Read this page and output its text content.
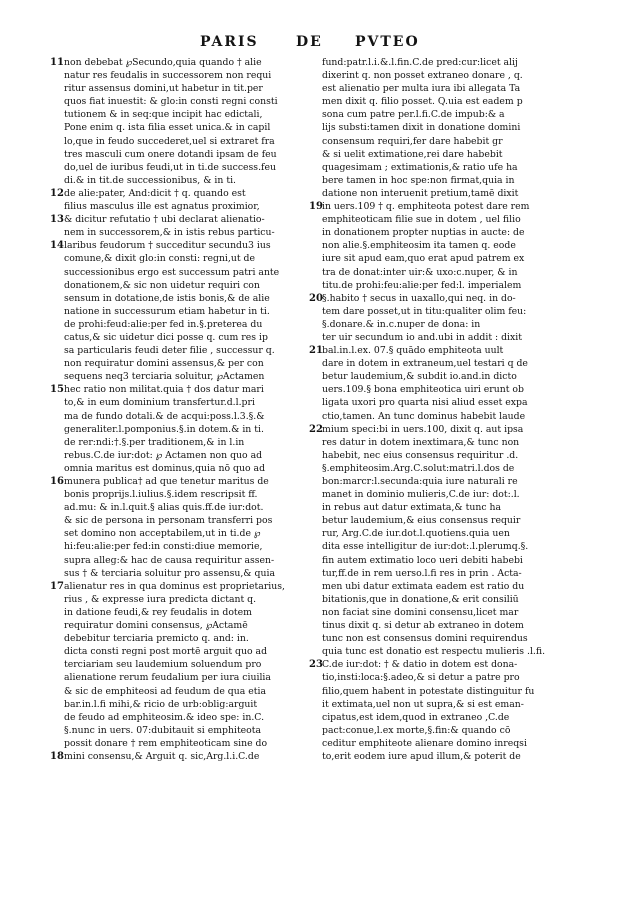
PARIS	DE PVTEO
11 non debebat ℘Secundo,quia quando † alie
natur res feudalis in successorem non requi
ritur assensus domini,ut habetur in tit.per
quos fiat inuestit: & glo:in consti regni consti
tutionem & in seq:que incipit hac edictali,
Pone enim q. ista filia esset unica.& in capil
lo,que in feudo succederet,uel si extraret fra
tres masculi cum onere dotandi ipsam de feu
do,uel de iuribus feudi,ut in ti.de success.feu
di.& in tit.de successionibus, & in ti.
12 de alie:pater, And:dicit † q. quando est
filius masculus ille est agnatus proximior,
13 & dicitur refutatio † ubi declarat alienatio-
nem in successorem,& in istis rebus particu-
14 laribus feudorum † succeditur secundu3 ius
comune,& dixit glo:in consti: regni,ut de
successionibus ergo est successum patri ante
donationem,& sic non uidetur requiri con
sensum in dotatione,de istis bonis,& de alie
natione in successurum etiam habetur in ti.
de prohi:feud:alie:per fed in.§.preterea du
catus,& sic uidetur dici posse q. cum res ip
sa particularis feudi deter filie , successur q.
non requiratur domini assensus,& per con
sequens neq3 terciaria soluitur, ℘Actamen
15 hec ratio non militat.quia † dos datur mari
to,& in eum dominium transfertur.d.l.pri
ma de fundo dotali.& de acqui:poss.l.3.§.&
generaliter.l.pomponius.§.in dotem.& in ti.
de rer:ndi:†.§.per traditionem,& in l.in
rebus.C.de iur:dot: ℘ Actamen non quo ad
omnia maritus est dominus,quia nō quo ad
16 munera publica† ad que tenetur maritus de
bonis proprijs.l.iulius.§.idem rescripsit ff.
ad.mu: & in.l.quit.§ alias quis.ff.de iur:dot.
& sic de persona in personam transferri pos
set domino non acceptabilem,ut in ti.de ℘
hi:feu:alie:per fed:in consti:diue memorie,
supra alleg:& hac de causa requiritur assen-
sus † & terciaria soluitur pro assensu,& quia
17 alienatur res in qua dominus est proprietarius,
rius , & expresse iura predicta dictant q.
in datione feudi,& rey feudalis in dotem
requiratur domini consensus, ℘Actamē
debebitur terciaria premicto q. and: in.
dicta consti regni post mortē arguit quo ad
terciariam seu laudemium soluendum pro
alienatione rerum feudalium per iura ciuilia
& sic de emphiteosi ad feudum de qua etia
bar.in.l.fi mihi,& ricio de urb:oblig:arguit
de feudo ad emphiteosim.& ideo spe: in.C.
§.nunc in uers. 07:dubitauit si emphiteota
possit donare † rem emphiteoticam sine do
18 mini consensu,& Arguit q. sic,Arg.l.i.C.de
fund:patr.l.i.&.l.fin.C.de pred:cur:licet alij
dixerint q. non posset extraneo donare , q.
est alienatio per multa iura ibi allegata Ta
men dixit q. filio posset. Q.uia est eadem p
sona cum patre per.l.fi.C.de impub:& a
lijs substi:tamen dixit in donatione domini
consensum requiri,fer dare habebit gr
& si uelit extimatione,rei dare habebit
quagesimam ; extimationis,& ratio ufe ha
bere tamen in hoc spe:non firmat,quia in
datione non interuenit pretium,tamē dixit
19 in uers.109 † q. emphiteota potest dare rem
emphiteoticam filie sue in dotem , uel filio
in donationem propter nuptias in aucte: de
non alie.§.emphiteosim ita tamen q. eode
iure sit apud eam,quo erat apud patrem ex
tra de donat:inter uir:& uxo:c.nuper, & in
titu.de prohi:feu:alie:per fed:l. imperialem
20 §.habito † secus in uaxallo,qui neq. in do-
tem dare posset,ut in titu:qualiter olim feu:
§.donare.& in.c.nuper de dona: in
ter uir secundum io and.ubi in addit : dixit
21 bal.in.l.ex. 07.§ quādo emphiteota uult
dare in dotem in extraneum,uel testari q de
betur laudemium,& subdit io.and.in dicto
uers.109.§ bona emphiteotica uiri erunt ob
ligata uxori pro quarta nisi aliud esset expa
ctio,tamen. An tunc dominus habebit laude
22 mium speci:bi in uers.100, dixit q. aut ipsa
res datur in dotem inextimara,& tunc non
habebit, nec eius consensus requiritur .d.
§.emphiteosim.Arg.C.solut:matri.l.dos de
bon:marcr:l.secunda:quia iure naturali re
manet in dominio mulieris,C.de iur: dot:.l.
in rebus aut datur extimata,& tunc ha
betur laudemium,& eius consensus requir
rur, Arg.C.de iur.dot.l.quotiens.quia uen
dita esse intelligitur de iur:dot:.l.plerumq.§.
fin autem extimatio loco ueri debiti habebi
tur,ff.de in rem uerso.l.fi res in prin . Acta-
men ubi datur extimata eadem est ratio du
bitationis,que in donatione,& erit consiliū
non faciat sine domini consensu,licet mar
tinus dixit q. si detur ab extraneo in dotem
tunc non est consensus domini requirendus
quia tunc est donatio est respectu mulieris .l.fi.
23 C.de iur:dot: † & datio in dotem est dona-
tio,insti:loca:§.adeo,& si detur a patre pro
filio,quem habent in potestate distinguitur fu
it extimata,uel non ut supra,& si est eman-
cipatus,est idem,quod in extraneo ,C.de
pact:conue,l.ex morte,§.fin:& quando cō
ceditur emphiteote alienare domino inreqsi
to,erit eodem iure apud illum,& poterit de
